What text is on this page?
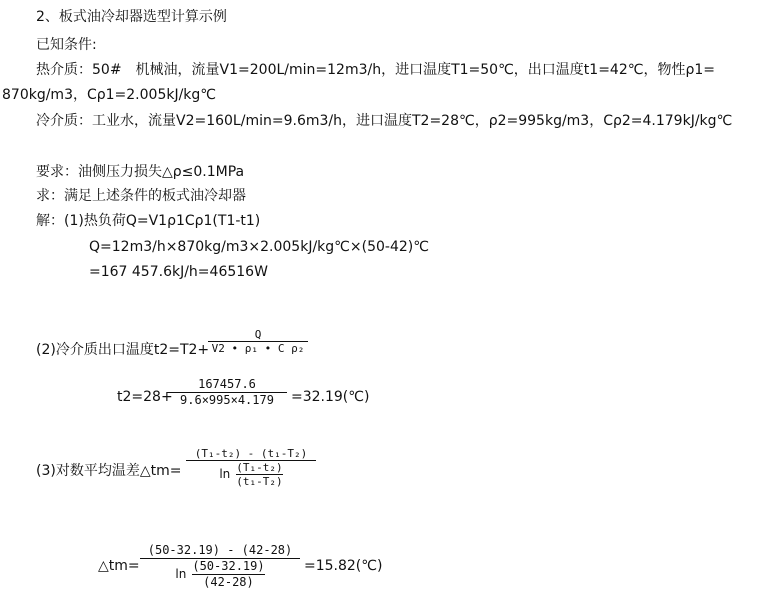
2、板式油冷却器选型计算示例
已知条件:
热介质：50#　机械油，流量V1=200L/min=12m3/h，进口温度T1=50℃，出口温度t1=42℃，物性ρ1=
870kg/m3，Cρ1=2.005kJ/kg℃
冷介质：工业水，流量V2=160L/min=9.6m3/h，进口温度T2=28℃，ρ2=995kg/m3，Cρ2=4.179kJ/kg℃
要求：油侧压力损失△ρ≤0.1MPa
求：满足上述条件的板式油冷却器
解：(1)热负荷Q=V1ρ1Cρ1(T1-t1)
Q=12m3/h×870kg/m3×2.005kJ/kg℃×(50-42)℃
=167 457.6kJ/h=46516W
(2)冷介质出口温度t2=T2+
Q
V2 • ρ₁ • C ρ₂
t2=28+
167457.6
9.6×995×4.179 =32.19(℃)
(3)对数平均温差△tm=
(T₁-t₂) - (t₁-T₂)
$\ln \frac{\text{(T₁-t₂)}}{\text{(t₁-T₂)}}$
△tm=
(50-32.19) - (42-28)
$\ln \frac{(50-32.19)}{(42-28)}$	=15.82(℃)
